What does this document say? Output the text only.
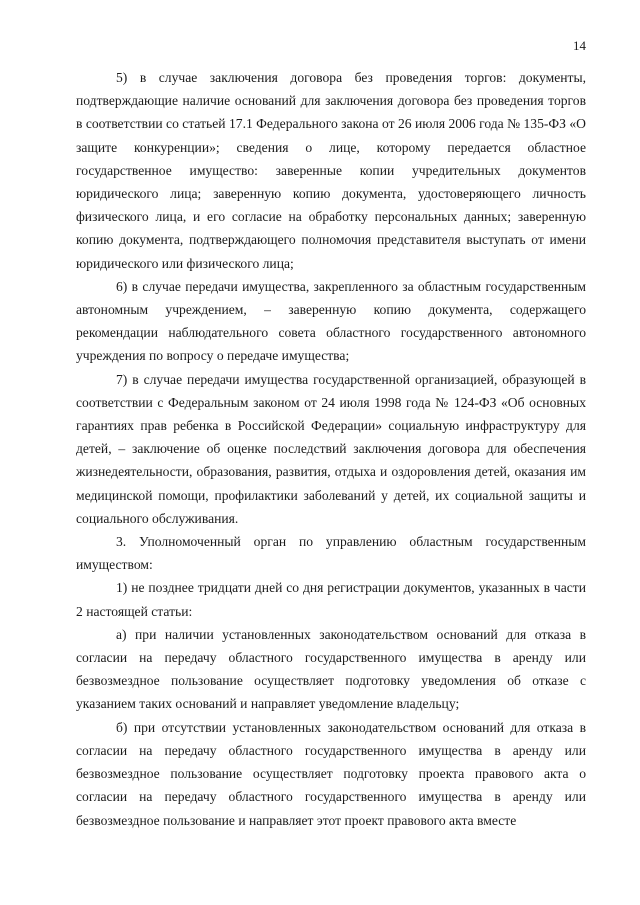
14

5) в случае заключения договора без проведения торгов: документы, подтверждающие наличие оснований для заключения договора без проведения торгов в соответствии со статьей 17.1 Федерального закона от 26 июля 2006 года № 135-ФЗ «О защите конкуренции»; сведения о лице, которому передается областное государственное имущество: заверенные копии учредительных документов юридического лица; заверенную копию документа, удостоверяющего личность физического лица, и его согласие на обработку персональных данных; заверенную копию документа, подтверждающего полномочия представителя выступать от имени юридического или физического лица;

6) в случае передачи имущества, закрепленного за областным государственным автономным учреждением, – заверенную копию документа, содержащего рекомендации наблюдательного совета областного государственного автономного учреждения по вопросу о передаче имущества;

7) в случае передачи имущества государственной организацией, образующей в соответствии с Федеральным законом от 24 июля 1998 года № 124-ФЗ «Об основных гарантиях прав ребенка в Российской Федерации» социальную инфраструктуру для детей, – заключение об оценке последствий заключения договора для обеспечения жизнедеятельности, образования, развития, отдыха и оздоровления детей, оказания им медицинской помощи, профилактики заболеваний у детей, их социальной защиты и социального обслуживания.

3. Уполномоченный орган по управлению областным государственным имуществом:

1) не позднее тридцати дней со дня регистрации документов, указанных в части 2 настоящей статьи:

а) при наличии установленных законодательством оснований для отказа в согласии на передачу областного государственного имущества в аренду или безвозмездное пользование осуществляет подготовку уведомления об отказе с указанием таких оснований и направляет уведомление владельцу;

б) при отсутствии установленных законодательством оснований для отказа в согласии на передачу областного государственного имущества в аренду или безвозмездное пользование осуществляет подготовку проекта правового акта о согласии на передачу областного государственного имущества в аренду или безвозмездное пользование и направляет этот проект правового акта вместе
